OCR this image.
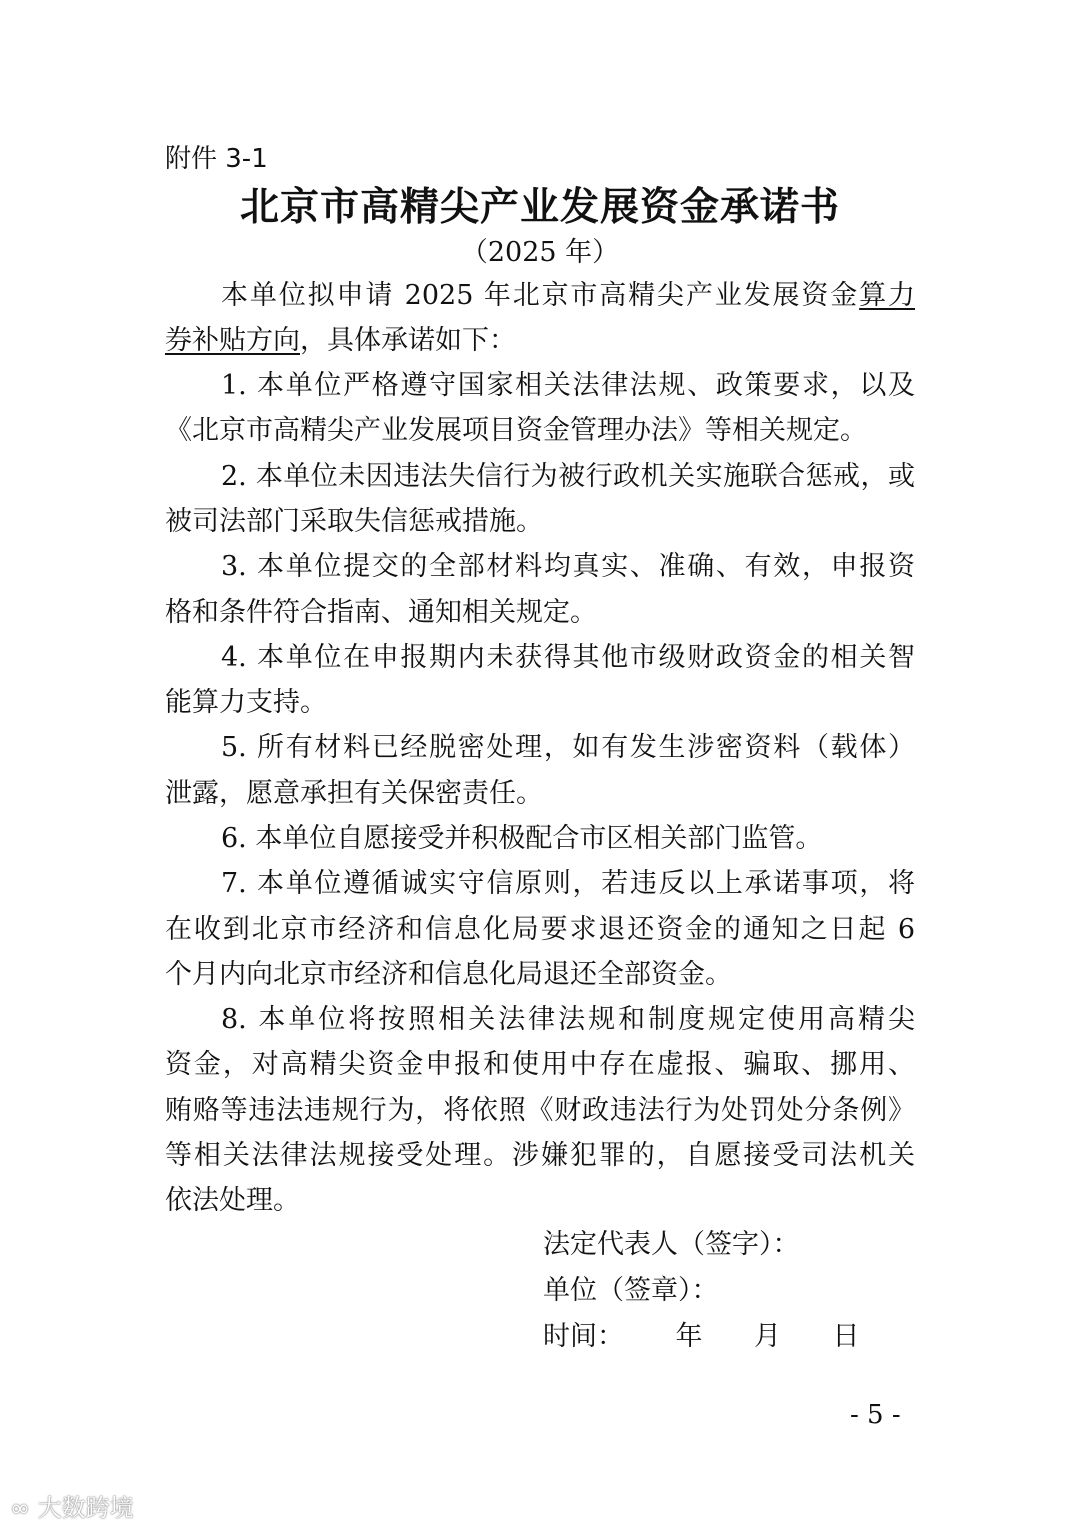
附件 3-1
北京市高精尖产业发展资金承诺书
（2025 年）
本单位拟申请 2025 年北京市高精尖产业发展资金算力
券补贴方向，具体承诺如下：
1. 本单位严格遵守国家相关法律法规、政策要求，以及
《北京市高精尖产业发展项目资金管理办法》等相关规定。
2. 本单位未因违法失信行为被行政机关实施联合惩戒，或
被司法部门采取失信惩戒措施。
3. 本单位提交的全部材料均真实、准确、有效，申报资
格和条件符合指南、通知相关规定。
4. 本单位在申报期内未获得其他市级财政资金的相关智
能算力支持。
5. 所有材料已经脱密处理，如有发生涉密资料（载体）
泄露，愿意承担有关保密责任。
6. 本单位自愿接受并积极配合市区相关部门监管。
7. 本单位遵循诚实守信原则，若违反以上承诺事项，将
在收到北京市经济和信息化局要求退还资金的通知之日起 6
个月内向北京市经济和信息化局退还全部资金。
8. 本单位将按照相关法律法规和制度规定使用高精尖
资金，对高精尖资金申报和使用中存在虚报、骗取、挪用、
贿赂等违法违规行为，将依照《财政违法行为处罚处分条例》
等相关法律法规接受处理。涉嫌犯罪的，自愿接受司法机关
依法处理。
法定代表人（签字）：
单位（签章）：
时间：      年      月      日
- 5 -
∞ 大数跨境
